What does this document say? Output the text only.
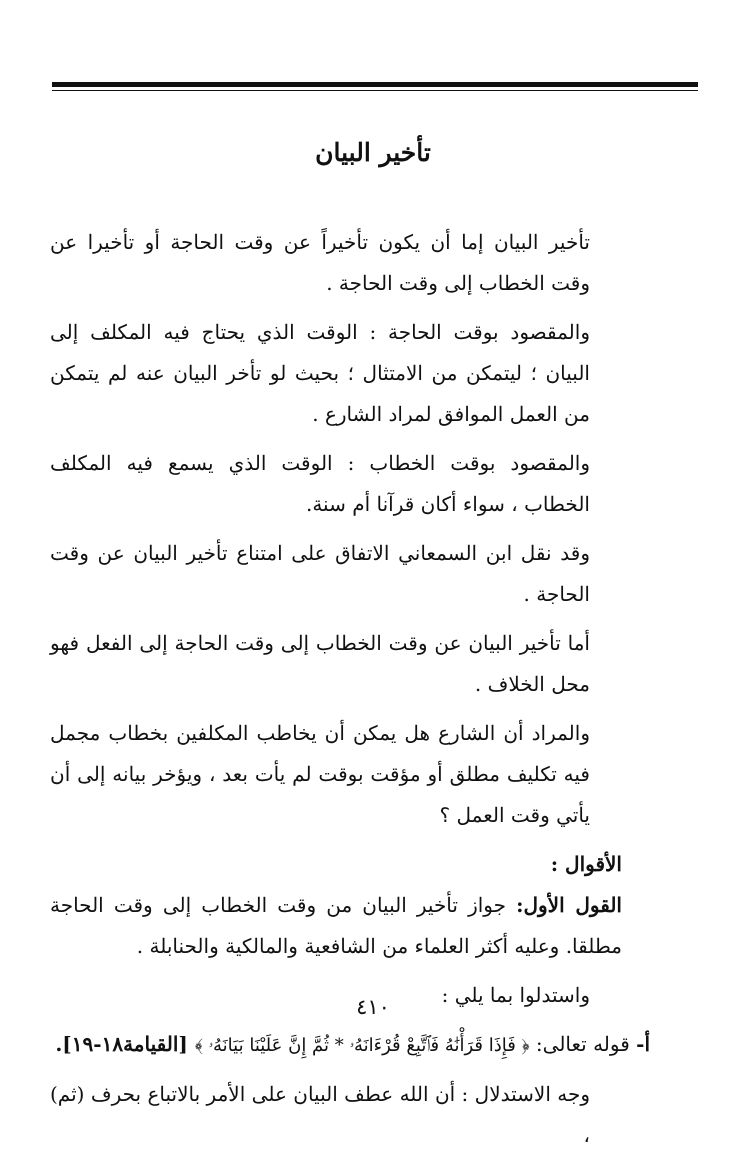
تأخير البيان

تأخير البيان إما أن يكون تأخيراً عن وقت الحاجة أو تأخيرا عن وقت الخطاب إلى وقت الحاجة .

والمقصود بوقت الحاجة : الوقت الذي يحتاج فيه المكلف إلى البيان ؛ ليتمكن من الامتثال ؛ بحيث لو تأخر البيان عنه لم يتمكن من العمل الموافق لمراد الشارع .

والمقصود بوقت الخطاب : الوقت الذي يسمع فيه المكلف الخطاب ، سواء أكان قرآنا أم سنة.

وقد نقل ابن السمعاني الاتفاق على امتناع تأخير البيان عن وقت الحاجة .

أما تأخير البيان عن وقت الخطاب إلى وقت الحاجة إلى الفعل فهو محل الخلاف .

والمراد أن الشارع هل يمكن أن يخاطب المكلفين بخطاب مجمل فيه تكليف مطلق أو مؤقت بوقت لم يأت بعد ، ويؤخر بيانه إلى أن يأتي وقت العمل ؟

الأقوال :

القول الأول: جواز تأخير البيان من وقت الخطاب إلى وقت الحاجة مطلقا. وعليه أكثر العلماء من الشافعية والمالكية والحنابلة .

واستدلوا بما يلي :

أ- قوله تعالى: ﴿ فَإِذَا قَرَأْنَٰهُ فَٱتَّبِعْ قُرْءَانَهُۥ * ثُمَّ إِنَّ عَلَيْنَا بَيَانَهُۥ ﴾ [القيامة١٨-١٩].

وجه الاستدلال : أن الله عطف البيان على الأمر بالاتباع بحرف (ثم) ،

٤١٠
